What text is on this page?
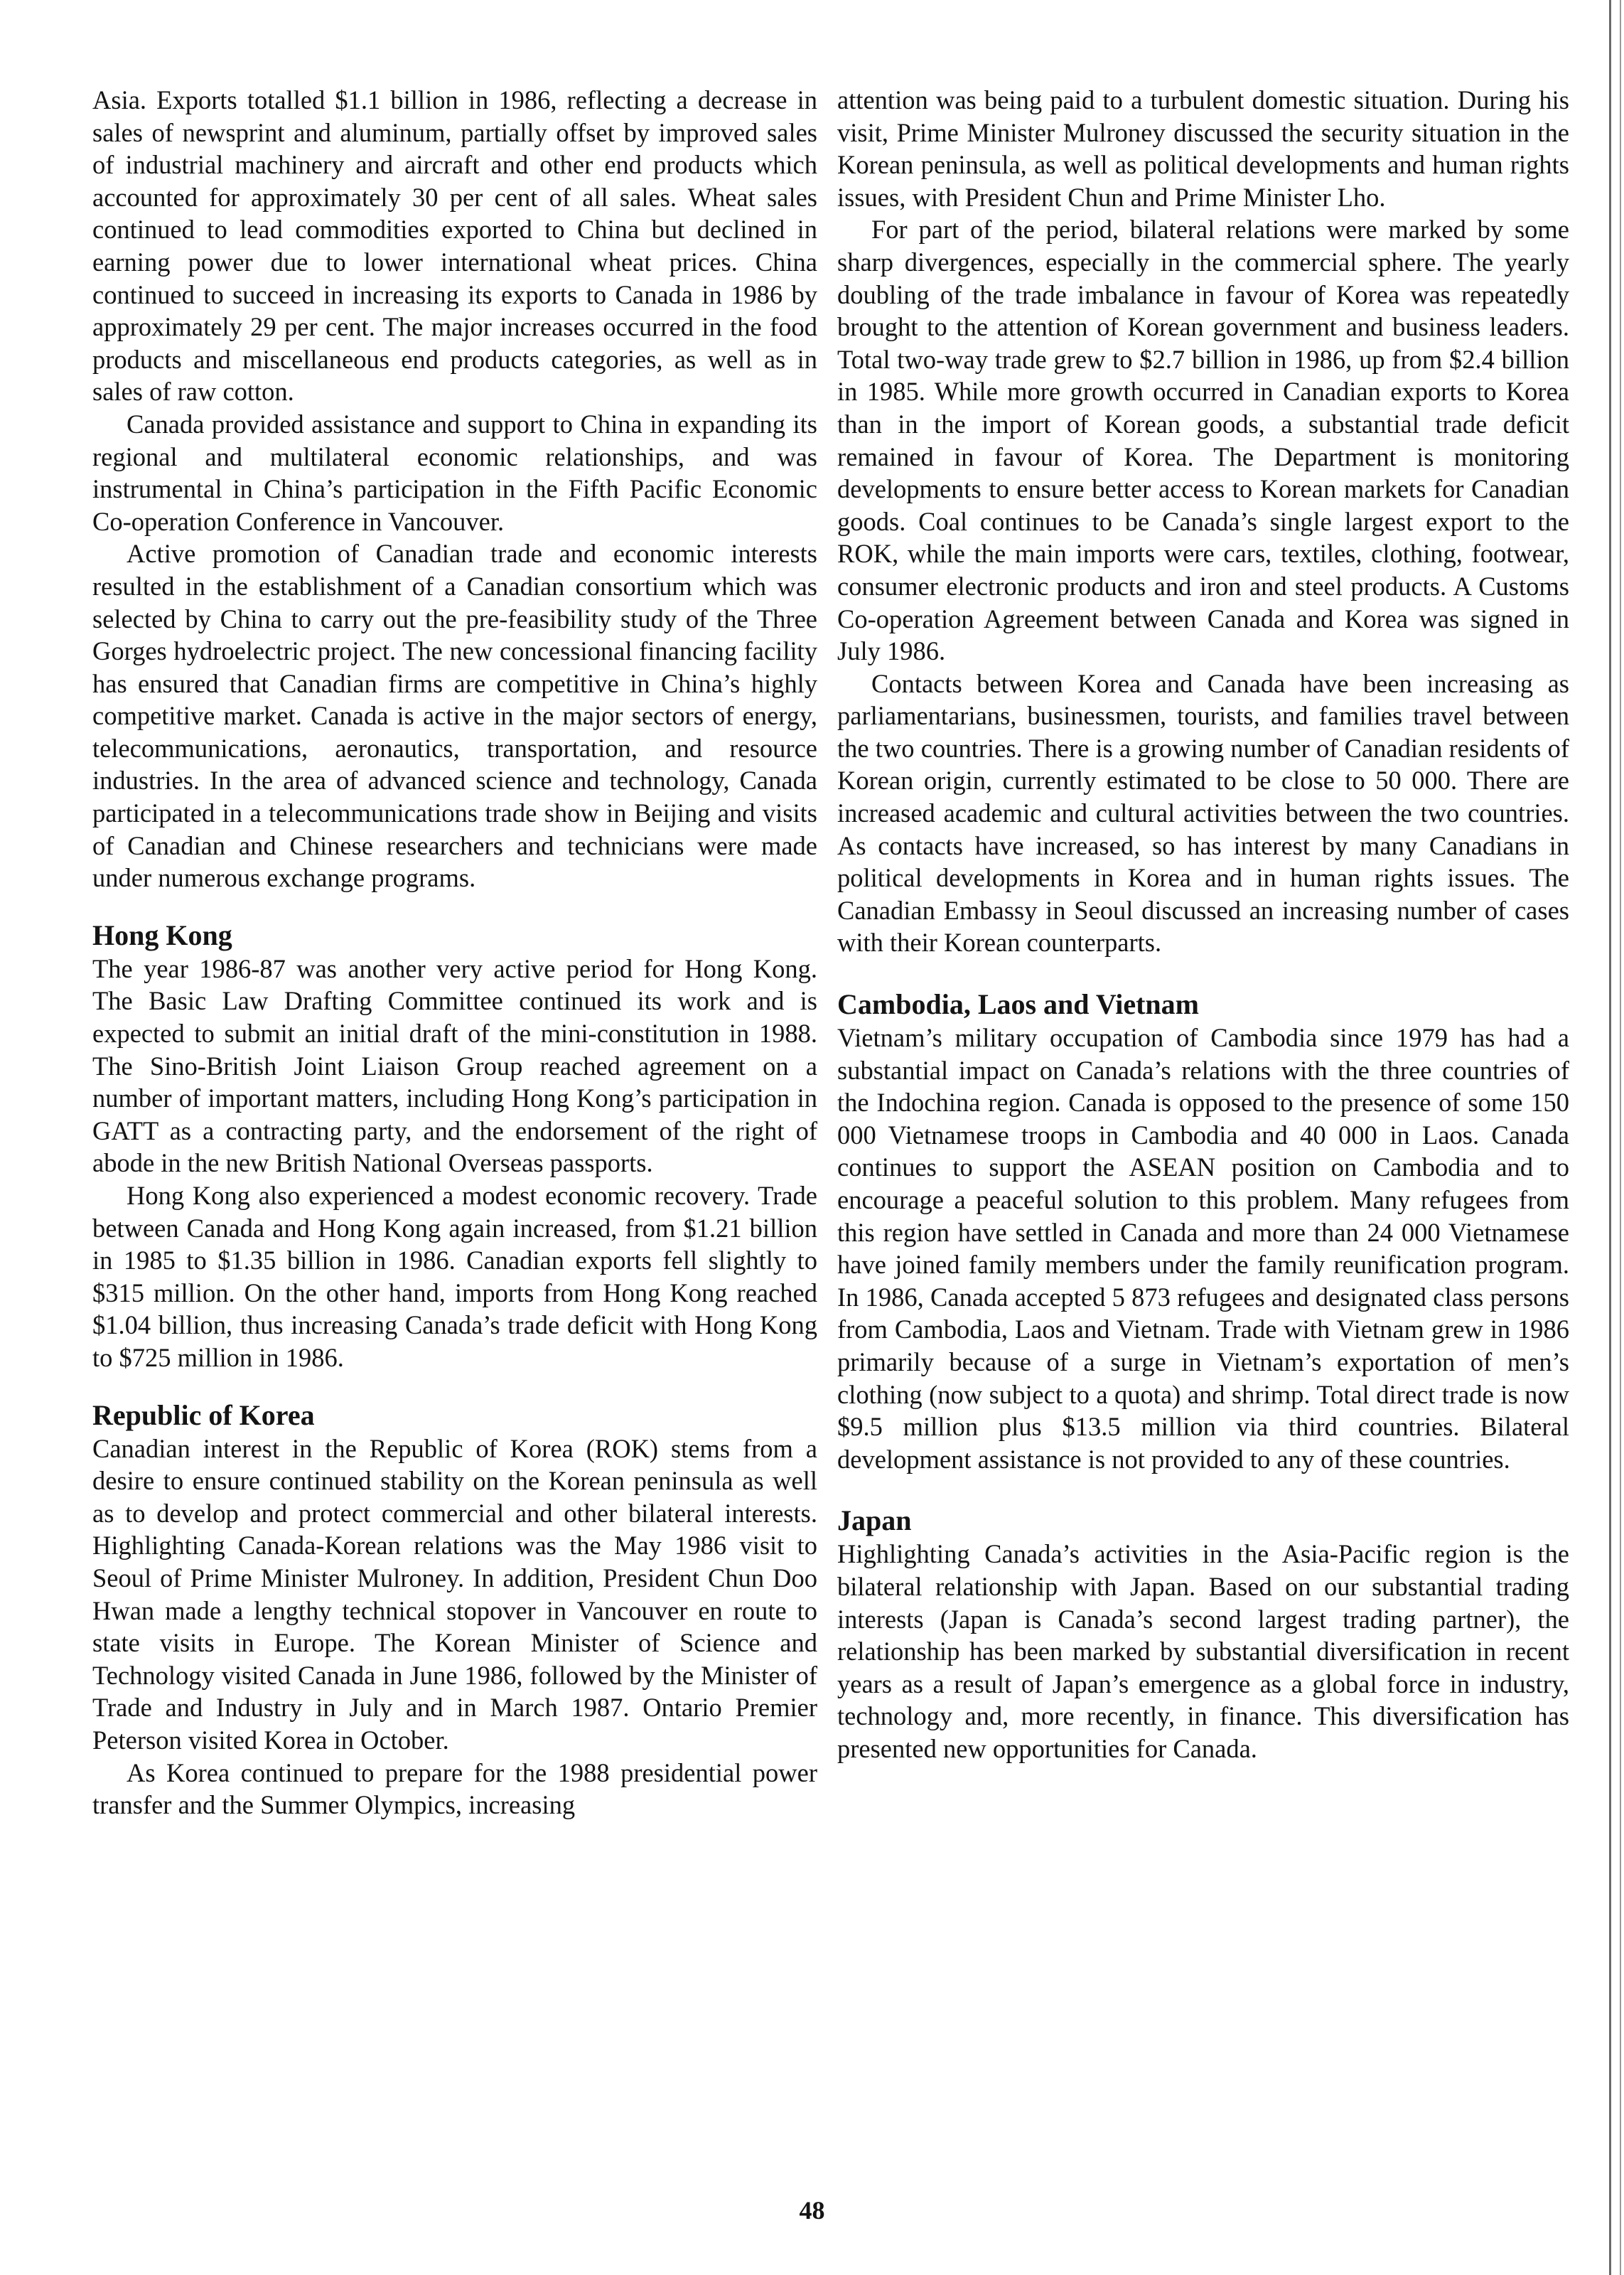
Asia. Exports totalled $1.1 billion in 1986, reflecting a decrease in sales of newsprint and aluminum, partially offset by improved sales of industrial machinery and aircraft and other end products which accounted for approximately 30 per cent of all sales. Wheat sales continued to lead commodities exported to China but declined in earning power due to lower international wheat prices. China continued to succeed in increasing its exports to Canada in 1986 by approximately 29 per cent. The major increases occurred in the food products and miscellaneous end products categories, as well as in sales of raw cotton.

Canada provided assistance and support to China in expanding its regional and multilateral economic relationships, and was instrumental in China’s participation in the Fifth Pacific Economic Co-operation Conference in Vancouver.

Active promotion of Canadian trade and economic interests resulted in the establishment of a Canadian consortium which was selected by China to carry out the pre-feasibility study of the Three Gorges hydroelectric project. The new concessional financing facility has ensured that Canadian firms are competitive in China’s highly competitive market. Canada is active in the major sectors of energy, telecommunications, aeronautics, transportation, and resource industries. In the area of advanced science and technology, Canada participated in a telecommunications trade show in Beijing and visits of Canadian and Chinese researchers and technicians were made under numerous exchange programs.

Hong Kong

The year 1986-87 was another very active period for Hong Kong. The Basic Law Drafting Committee continued its work and is expected to submit an initial draft of the mini-constitution in 1988. The Sino-British Joint Liaison Group reached agreement on a number of important matters, including Hong Kong’s participation in GATT as a contracting party, and the endorsement of the right of abode in the new British National Overseas passports.

Hong Kong also experienced a modest economic recovery. Trade between Canada and Hong Kong again increased, from $1.21 billion in 1985 to $1.35 billion in 1986. Canadian exports fell slightly to $315 million. On the other hand, imports from Hong Kong reached $1.04 billion, thus increasing Canada’s trade deficit with Hong Kong to $725 million in 1986.

Republic of Korea

Canadian interest in the Republic of Korea (ROK) stems from a desire to ensure continued stability on the Korean peninsula as well as to develop and protect commercial and other bilateral interests. Highlighting Canada-Korean relations was the May 1986 visit to Seoul of Prime Minister Mulroney. In addition, President Chun Doo Hwan made a lengthy technical stopover in Vancouver en route to state visits in Europe. The Korean Minister of Science and Technology visited Canada in June 1986, followed by the Minister of Trade and Industry in July and in March 1987. Ontario Premier Peterson visited Korea in October.

As Korea continued to prepare for the 1988 presidential power transfer and the Summer Olympics, increasing

attention was being paid to a turbulent domestic situation. During his visit, Prime Minister Mulroney discussed the security situation in the Korean peninsula, as well as political developments and human rights issues, with President Chun and Prime Minister Lho.

For part of the period, bilateral relations were marked by some sharp divergences, especially in the commercial sphere. The yearly doubling of the trade imbalance in favour of Korea was repeatedly brought to the attention of Korean government and business leaders. Total two-way trade grew to $2.7 billion in 1986, up from $2.4 billion in 1985. While more growth occurred in Canadian exports to Korea than in the import of Korean goods, a substantial trade deficit remained in favour of Korea. The Department is monitoring developments to ensure better access to Korean markets for Canadian goods. Coal continues to be Canada’s single largest export to the ROK, while the main imports were cars, textiles, clothing, footwear, consumer electronic products and iron and steel products. A Customs Co-operation Agreement between Canada and Korea was signed in July 1986.

Contacts between Korea and Canada have been increasing as parliamentarians, businessmen, tourists, and families travel between the two countries. There is a growing number of Canadian residents of Korean origin, currently estimated to be close to 50 000. There are increased academic and cultural activities between the two countries. As contacts have increased, so has interest by many Canadians in political developments in Korea and in human rights issues. The Canadian Embassy in Seoul discussed an increasing number of cases with their Korean counterparts.

Cambodia, Laos and Vietnam

Vietnam’s military occupation of Cambodia since 1979 has had a substantial impact on Canada’s relations with the three countries of the Indochina region. Canada is opposed to the presence of some 150 000 Vietnamese troops in Cambodia and 40 000 in Laos. Canada continues to support the ASEAN position on Cambodia and to encourage a peaceful solution to this problem. Many refugees from this region have settled in Canada and more than 24 000 Vietnamese have joined family members under the family reunification program. In 1986, Canada accepted 5 873 refugees and designated class persons from Cambodia, Laos and Vietnam. Trade with Vietnam grew in 1986 primarily because of a surge in Vietnam’s exportation of men’s clothing (now subject to a quota) and shrimp. Total direct trade is now $9.5 million plus $13.5 million via third countries. Bilateral development assistance is not provided to any of these countries.

Japan

Highlighting Canada’s activities in the Asia-Pacific region is the bilateral relationship with Japan. Based on our substantial trading interests (Japan is Canada’s second largest trading partner), the relationship has been marked by substantial diversification in recent years as a result of Japan’s emergence as a global force in industry, technology and, more recently, in finance. This diversification has presented new opportunities for Canada.

48
